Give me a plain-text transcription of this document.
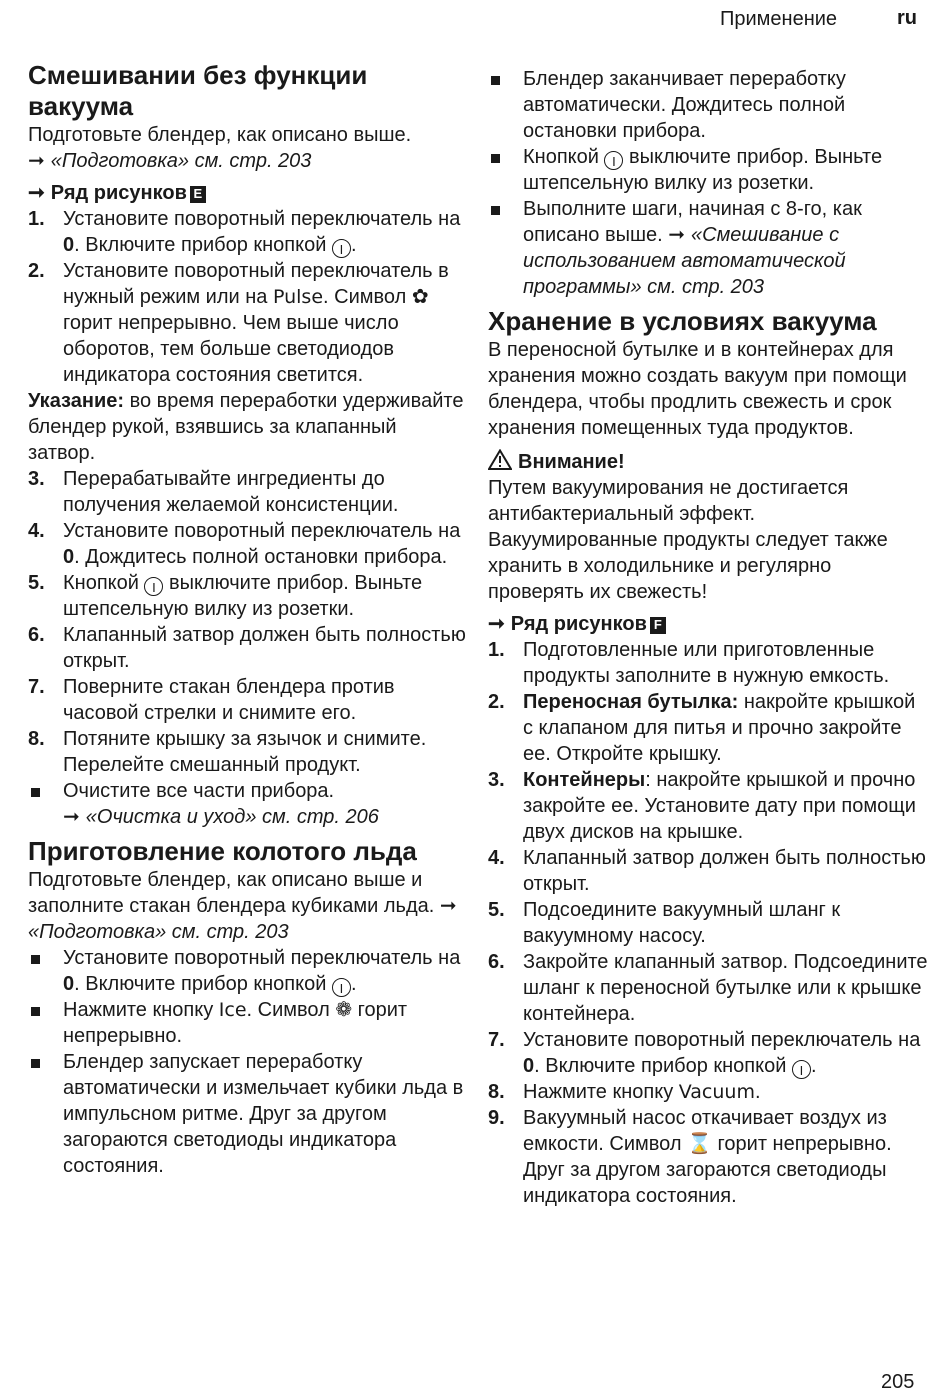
Применение	ru
Смешивании без функции вакуума

Подготовьте блендер, как описано выше.

➞ «Подготовка» см. стр. 203

➞ Ряд рисунков E

1. Установите поворотный переключатель на 0. Включите прибор кнопкой I .
2. Установите поворотный переключатель в нужный режим или на Pulse. Символ ✿ горит непрерывно. Чем выше число оборотов, тем больше светодиодов индикатора состояния светится.

Указание: во время переработки удерживайте блендер рукой, взявшись за клапанный затвор.

3. Перерабатывайте ингредиенты до получения желаемой консистенции.
4. Установите поворотный переключатель на 0. Дождитесь полной остановки прибора.
5. Кнопкой I выключите прибор. Выньте штепсельную вилку из розетки.
6. Клапанный затвор должен быть полностью открыт.
7. Поверните стакан блендера против часовой стрелки и снимите его.
8. Потяните крышку за язычок и снимите. Перелейте смешанный продукт.
Очистите все части прибора.
➞ «Очистка и уход» см. стр. 206
Приготовление колотого льда

Подготовьте блендер, как описано выше и заполните стакан блендера кубиками льда. ➞«Подготовка» см. стр. 203

Установите поворотный переключатель на 0. Включите прибор кнопкой I .
Нажмите кнопку Ice. Символ ❁ горит непрерывно.
Блендер запускает переработку автоматически и измельчает кубики льда в импульсном ритме. Друг за другом загораются светодиоды индикатора состояния.
Блендер заканчивает переработку автоматически. Дождитесь полной остановки прибора.
Кнопкой I выключите прибор. Выньте штепсельную вилку из розетки.
Выполните шаги, начиная с 8-го, как описано выше. ➞ «Смешивание с использованием автоматической программы» см. стр. 203
Хранение в условиях вакуума

В переносной бутылке и в контейнерах для хранения можно создать вакуум при помощи блендера, чтобы продлить свежесть и срок хранения помещенных туда продуктов.

Внимание!

Путем вакуумирования не достигается антибактериальный эффект. Вакуумированные продукты следует также хранить в холодильнике и регулярно проверять их свежесть!

➞ Ряд рисунков F

1. Подготовленные или приготовленные продукты заполните в нужную емкость.
2. Переносная бутылка: накройте крышкой с клапаном для питья и прочно закройте ее. Откройте крышку.
3. Контейнеры: накройте крышкой и прочно закройте ее. Установите дату при помощи двух дисков на крышке.
4. Клапанный затвор должен быть полностью открыт.
5. Подсоедините вакуумный шланг к вакуумному насосу.
6. Закройте клапанный затвор. Подсоедините шланг к переносной бутылке или к крышке контейнера.
7. Установите поворотный переключатель на 0. Включите прибор кнопкой I .
8. Нажмите кнопку Vacuum.
9. Вакуумный насос откачивает воздух из емкости. Символ ⌛ горит непрерывно. Друг за другом загораются светодиоды индикатора состояния.
205
